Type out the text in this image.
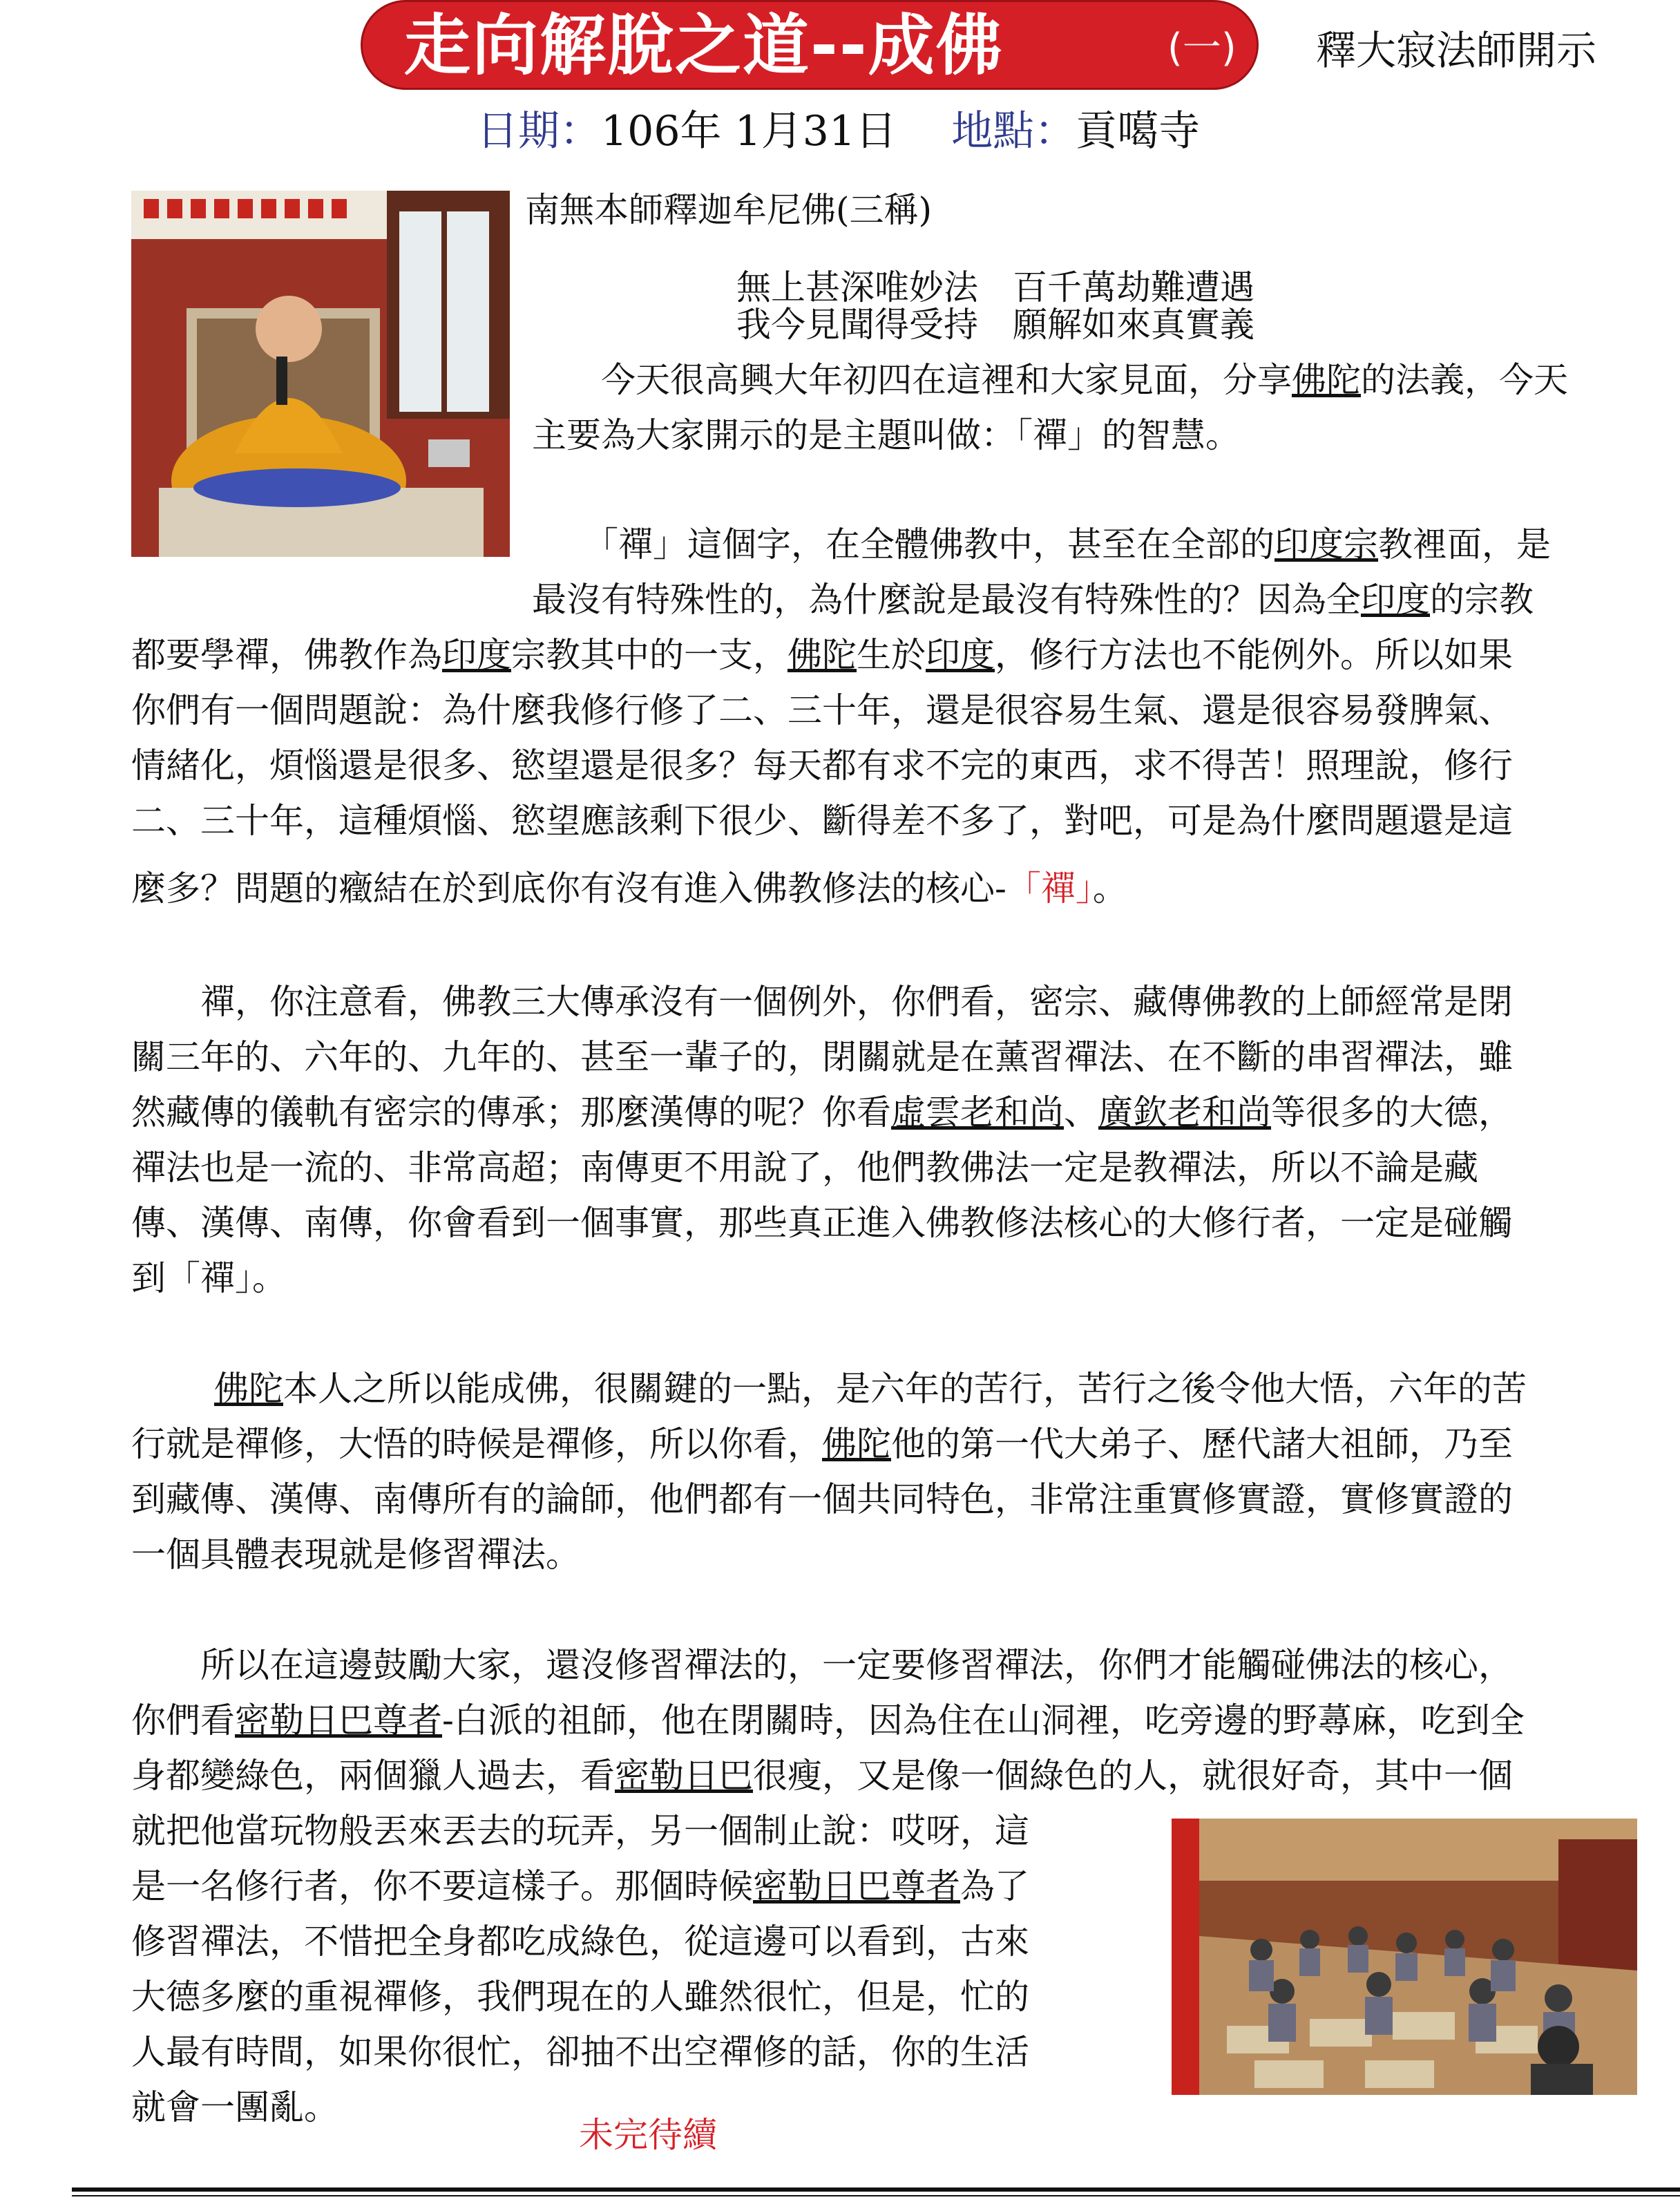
走向解脫之道--成佛	(一) 釋大寂法師開示
日期：106年 1月31日　 地點：貢噶寺
南無本師釋迦牟尼佛(三稱)
無上甚深唯妙法　百千萬劫難遭遇
我今見聞得受持　願解如來真實義
　　今天很高興大年初四在這裡和大家見面，分享佛陀的法義，今天
主要為大家開示的是主題叫做：「禪」的智慧。
　　「禪」這個字，在全體佛教中，甚至在全部的印度宗教裡面，是
最沒有特殊性的，為什麼說是最沒有特殊性的？因為全印度的宗教
都要學禪，佛教作為印度宗教其中的一支，佛陀生於印度，修行方法也不能例外。所以如果
你們有一個問題說：為什麼我修行修了二、三十年，還是很容易生氣、還是很容易發脾氣、
情緒化，煩惱還是很多、慾望還是很多？每天都有求不完的東西，求不得苦！照理說，修行
二、三十年，這種煩惱、慾望應該剩下很少、斷得差不多了，對吧，可是為什麼問題還是這
麼多？問題的癥結在於到底你有沒有進入佛教修法的核心-「禪」。
　　禪，你注意看，佛教三大傳承沒有一個例外，你們看，密宗、藏傳佛教的上師經常是閉
關三年的、六年的、九年的、甚至一輩子的，閉關就是在薰習禪法、在不斷的串習禪法，雖
然藏傳的儀軌有密宗的傳承；那麼漢傳的呢？你看虛雲老和尚、廣欽老和尚等很多的大德，
禪法也是一流的、非常高超；南傳更不用說了，他們教佛法一定是教禪法，所以不論是藏
傳、漢傳、南傳，你會看到一個事實，那些真正進入佛教修法核心的大修行者，一定是碰觸
到「禪」。
　　佛陀本人之所以能成佛，很關鍵的一點，是六年的苦行，苦行之後令他大悟，六年的苦
行就是禪修，大悟的時候是禪修，所以你看，佛陀他的第一代大弟子、歷代諸大祖師，乃至
到藏傳、漢傳、南傳所有的論師，他們都有一個共同特色，非常注重實修實證，實修實證的
一個具體表現就是修習禪法。
　　所以在這邊鼓勵大家，還沒修習禪法的，一定要修習禪法，你們才能觸碰佛法的核心，
你們看密勒日巴尊者-白派的祖師，他在閉關時，因為住在山洞裡，吃旁邊的野蕁麻，吃到全
身都變綠色，兩個獵人過去，看密勒日巴很瘦，又是像一個綠色的人，就很好奇，其中一個
就把他當玩物般丟來丟去的玩弄，另一個制止說：哎呀，這
是一名修行者，你不要這樣子。那個時候密勒日巴尊者為了
修習禪法，不惜把全身都吃成綠色，從這邊可以看到，古來
大德多麼的重視禪修，我們現在的人雖然很忙，但是，忙的
人最有時間，如果你很忙，卻抽不出空禪修的話，你的生活
就會一團亂。
未完待續
